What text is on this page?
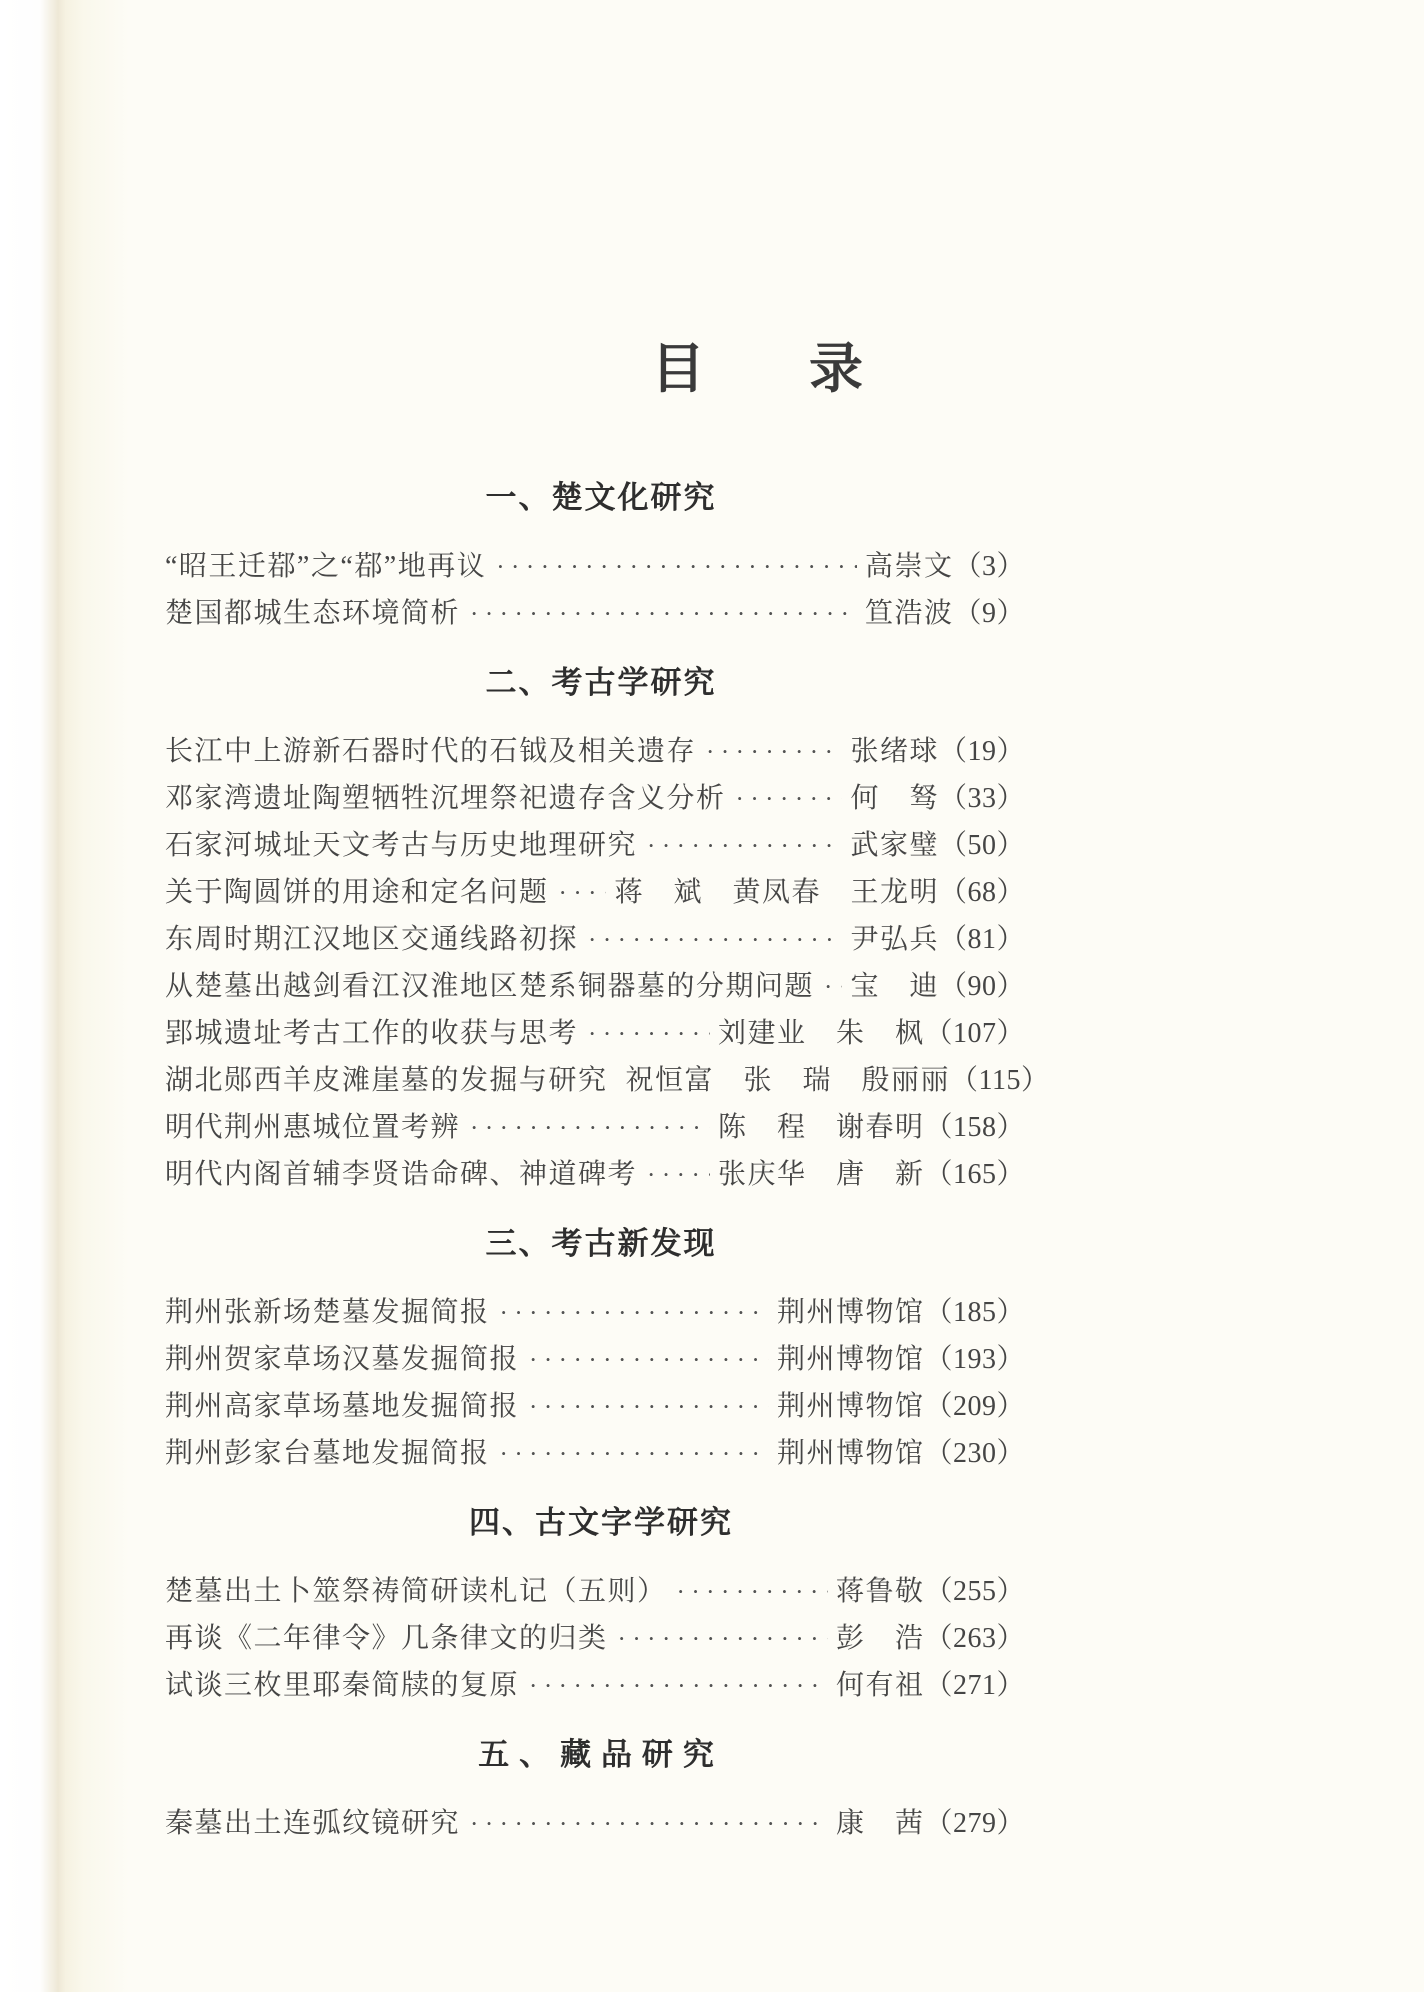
目 录
一、楚文化研究
“昭王迁鄀”之“鄀”地再议 ·····	高崇文	（ 3 ）
楚国都城生态环境简析 ·····	笪浩波	（ 9 ）
二、考古学研究
长江中上游新石器时代的石钺及相关遗存 ·····	张绪球	（ 19 ）
邓家湾遗址陶塑牺牲沉埋祭祀遗存含义分析 ·····	何　驽	（ 33 ）
石家河城址天文考古与历史地理研究 ·····	武家璧	（ 50 ）
关于陶圆饼的用途和定名问题 ····· 蒋　斌　黄凤春　王龙明	（ 68 ）
东周时期江汉地区交通线路初探 ·····	尹弘兵	（ 81 ）
从楚墓出越剑看江汉淮地区楚系铜器墓的分期问题 ····· 宝　迪	（ 90 ）
郢城遗址考古工作的收获与思考 ·····	刘建业　朱　枫	（ 107 ）
湖北郧西羊皮滩崖墓的发掘与研究 祝恒富　张　瑞　殷丽丽	（ 115 ）
明代荆州惠城位置考辨 ·····	陈　程　谢春明	（ 158 ）
明代内阁首辅李贤诰命碑、神道碑考 ·····	张庆华　唐　新	（ 165 ）
三、考古新发现
荆州张新场楚墓发掘简报 ·····	荆州博物馆	（ 185 ）
荆州贺家草场汉墓发掘简报 ·····	荆州博物馆	（ 193 ）
荆州高家草场墓地发掘简报 ·····	荆州博物馆	（ 209 ）
荆州彭家台墓地发掘简报 ·····	荆州博物馆	（ 230 ）
四、古文字学研究
楚墓出土卜筮祭祷简研读札记（五则） ·····	蒋鲁敬	（ 255 ）
再谈《二年律令》几条律文的归类 ·····	彭　浩	（ 263 ）
试谈三枚里耶秦简牍的复原 ·····	何有祖	（ 271 ）
五、藏品研究
秦墓出土连弧纹镜研究 ·····	康　茜	（ 279 ）
